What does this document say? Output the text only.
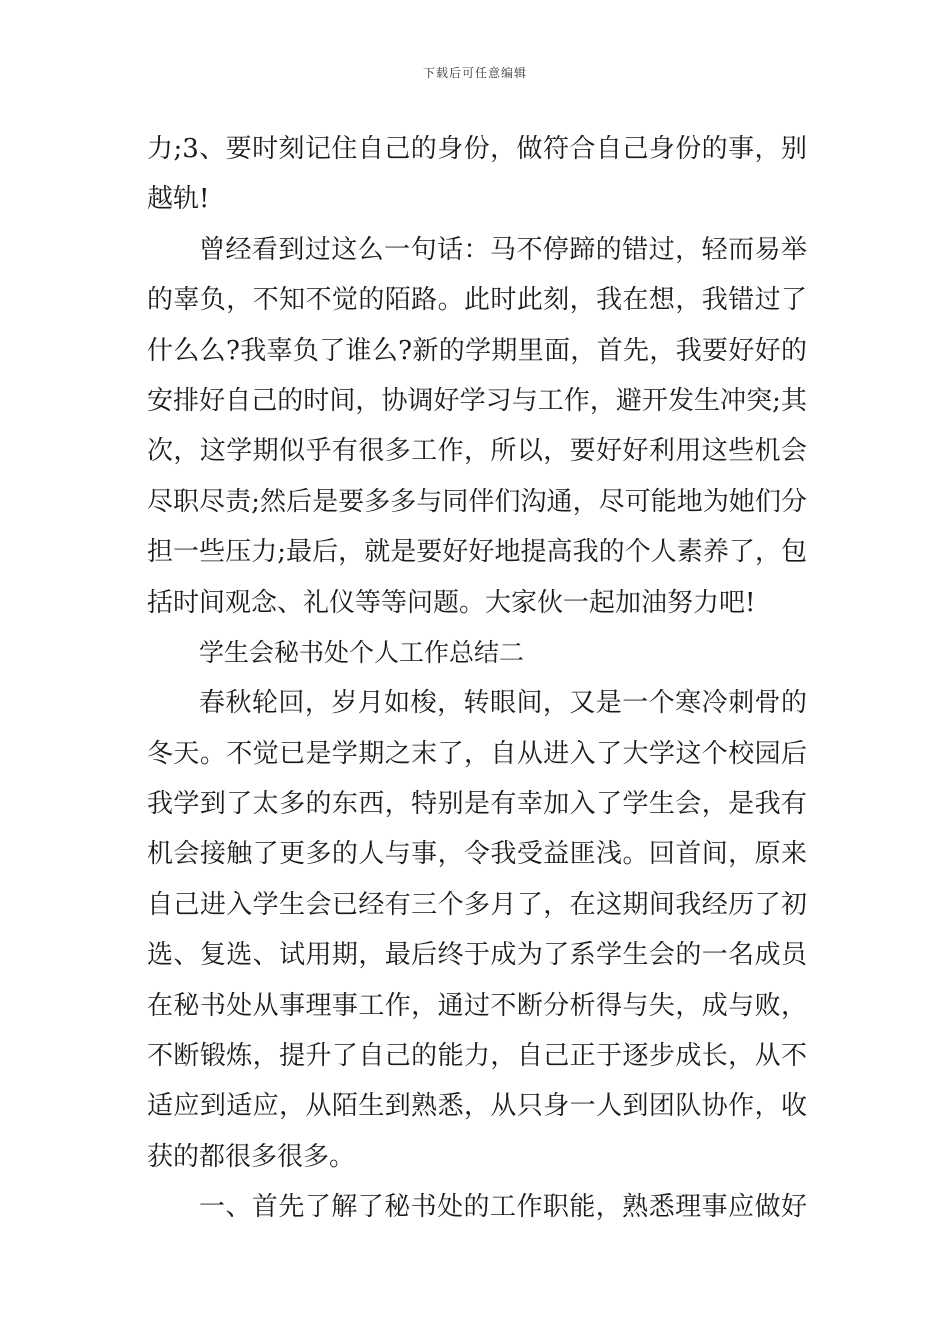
下载后可任意编辑
力;3、要时刻记住自己的身份，做符合自己身份的事，别
越轨!
曾经看到过这么一句话：马不停蹄的错过，轻而易举
的辜负，不知不觉的陌路。此时此刻，我在想，我错过了
什么么?我辜负了谁么?新的学期里面，首先，我要好好的
安排好自己的时间，协调好学习与工作，避开发生冲突;其
次，这学期似乎有很多工作，所以，要好好利用这些机会
尽职尽责;然后是要多多与同伴们沟通，尽可能地为她们分
担一些压力;最后，就是要好好地提高我的个人素养了，包
括时间观念、礼仪等等问题。大家伙一起加油努力吧!
学生会秘书处个人工作总结二
春秋轮回，岁月如梭，转眼间，又是一个寒冷刺骨的
冬天。不觉已是学期之末了，自从进入了大学这个校园后
我学到了太多的东西，特别是有幸加入了学生会，是我有
机会接触了更多的人与事，令我受益匪浅。回首间，原来
自己进入学生会已经有三个多月了，在这期间我经历了初
选、复选、试用期，最后终于成为了系学生会的一名成员
在秘书处从事理事工作，通过不断分析得与失，成与败，
不断锻炼，提升了自己的能力，自己正于逐步成长，从不
适应到适应，从陌生到熟悉，从只身一人到团队协作，收
获的都很多很多。
一、首先了解了秘书处的工作职能，熟悉理事应做好
